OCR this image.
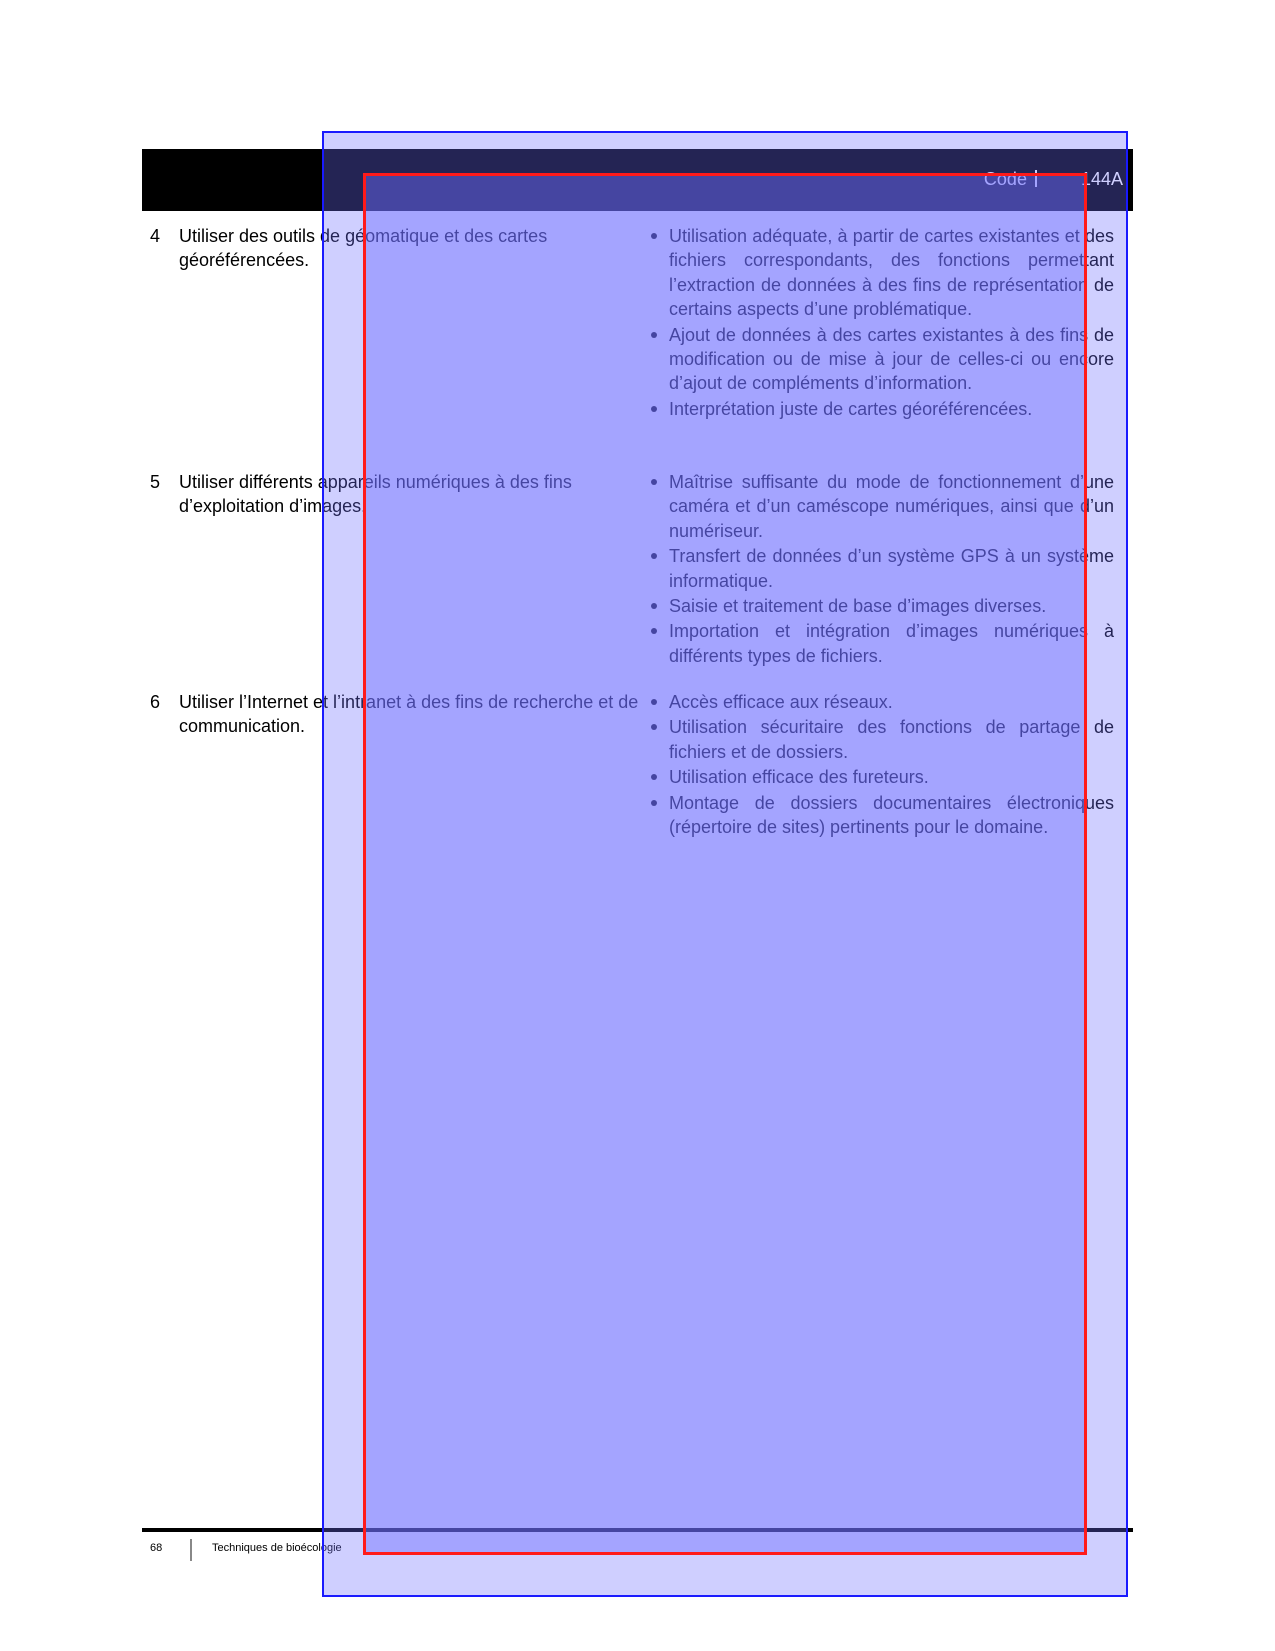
Code	144A
4 Utiliser des outils de géomatique et des cartes géoréférencées.
Utilisation adéquate, à partir de cartes existantes et des fichiers correspondants, des fonctions permettant l’extraction de données à des fins de représentation de certains aspects d’une problématique.
Ajout de données à des cartes existantes à des fins de modification ou de mise à jour de celles-ci ou encore d’ajout de compléments d’information.
Interprétation juste de cartes géoréférencées.
5 Utiliser différents appareils numériques à des fins d’exploitation d’images.
Maîtrise suffisante du mode de fonctionnement d’une caméra et d’un caméscope numériques, ainsi que d’un numériseur.
Transfert de données d’un système GPS à un système informatique.
Saisie et traitement de base d’images diverses.
Importation et intégration d’images numériques à différents types de fichiers.
6 Utiliser l’Internet et l’intranet à des fins de recherche et de communication.
Accès efficace aux réseaux.
Utilisation sécuritaire des fonctions de partage de fichiers et de dossiers.
Utilisation efficace des fureteurs.
Montage de dossiers documentaires électroniques (répertoire de sites) pertinents pour le domaine.
68	Techniques de bioécologie
